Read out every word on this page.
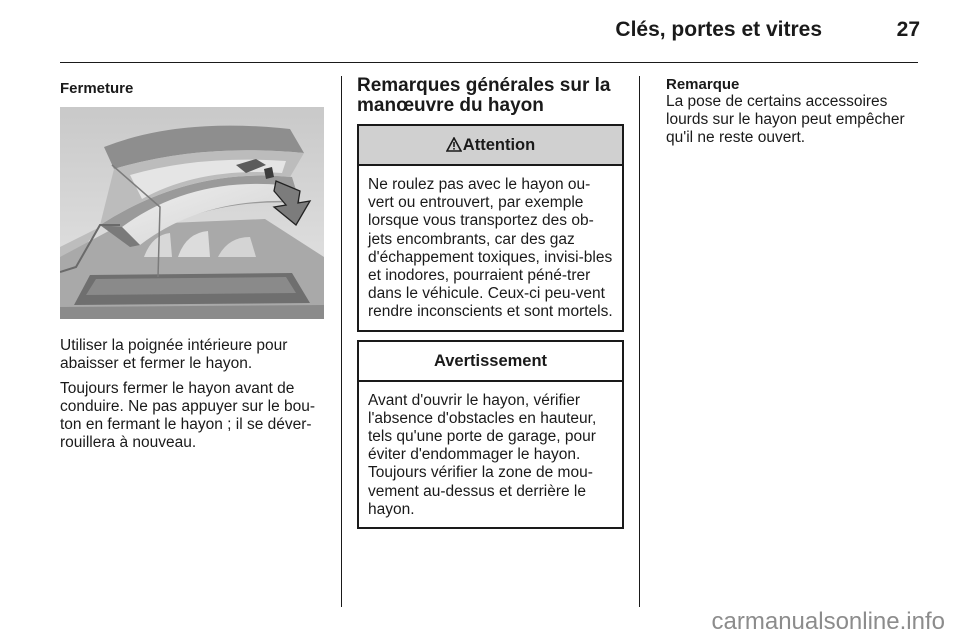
Clés, portes et vitres	27
Fermeture

Utiliser la poignée intérieure pour abaisser et fermer le hayon.

Toujours fermer le hayon avant de conduire. Ne pas appuyer sur le bou-ton en fermant le hayon ; il se déver-rouillera à nouveau.

Remarques générales sur la manœuvre du hayon
Attention

Ne roulez pas avec le hayon ou-vert ou entrouvert, par exemple lorsque vous transportez des ob-jets encombrants, car des gaz d'échappement toxiques, invisi-bles et inodores, pourraient péné-trer dans le véhicule. Ceux-ci peu-vent rendre inconscients et sont mortels.

Avertissement

Avant d'ouvrir le hayon, vérifier l'absence d'obstacles en hauteur, tels qu'une porte de garage, pour éviter d'endommager le hayon. Toujours vérifier la zone de mou-vement au-dessus et derrière le hayon.

Remarque

La pose de certains accessoires lourds sur le hayon peut empêcher qu'il ne reste ouvert.

carmanualsonline.info
